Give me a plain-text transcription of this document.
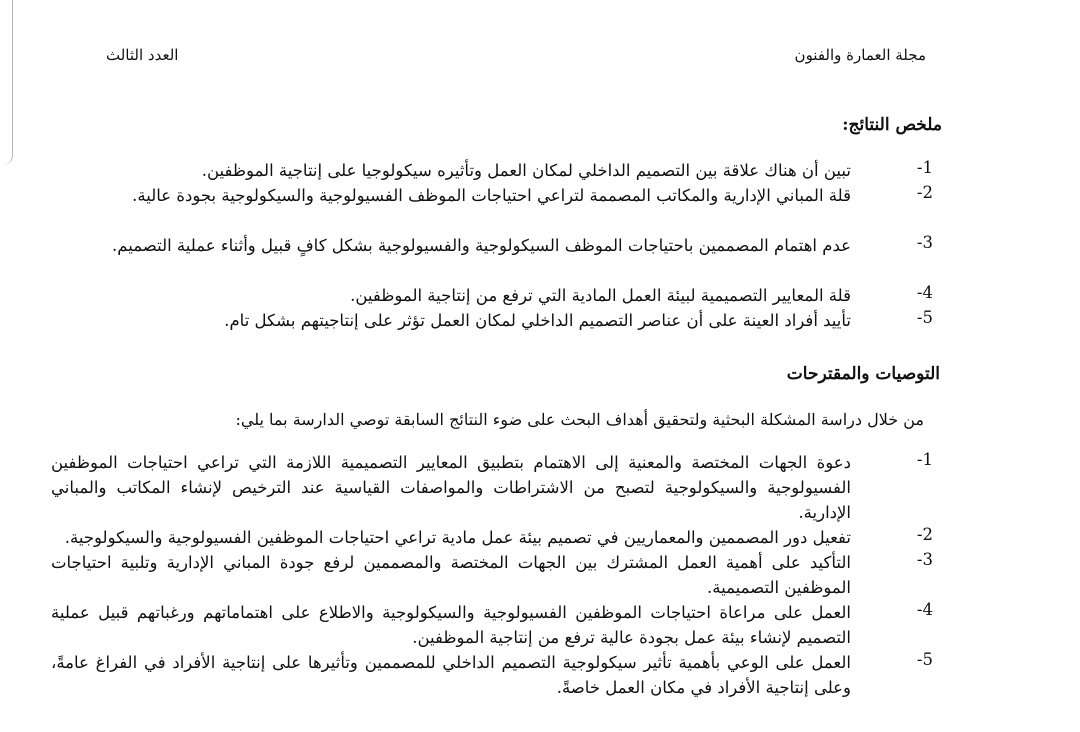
مجلة العمارة والفنون
العدد الثالث
ملخص النتائج:
1-
تبين أن هناك علاقة بين التصميم الداخلي لمكان العمل وتأثيره سيكولوجيا على إنتاجية الموظفين.
2-
قلة المباني الإدارية والمكاتب المصممة لتراعي احتياجات الموظف الفسيولوجية والسيكولوجية بجودة عالية.
3-
عدم اهتمام المصممين باحتياجات الموظف السيكولوجية والفسيولوجية بشكل كافٍ قبيل وأثناء عملية التصميم.
4-
قلة المعايير التصميمية لبيئة العمل المادية التي ترفع من إنتاجية الموظفين.
5-
تأييد أفراد العينة على أن عناصر التصميم الداخلي لمكان العمل تؤثر على إنتاجيتهم بشكل تام.
التوصيات والمقترحات
من خلال دراسة المشكلة البحثية ولتحقيق أهداف البحث على ضوء النتائج السابقة توصي الدارسة بما يلي:
1-
دعوة الجهات المختصة والمعنية إلى الاهتمام بتطبيق المعايير التصميمية اللازمة التي تراعي احتياجات الموظفين الفسيولوجية والسيكولوجية لتصبح من الاشتراطات والمواصفات القياسية عند الترخيص لإنشاء المكاتب والمباني الإدارية.
2-
تفعيل دور المصممين والمعماريين في تصميم بيئة عمل مادية تراعي احتياجات الموظفين الفسيولوجية والسيكولوجية.
3-
التأكيد على أهمية العمل المشترك بين الجهات المختصة والمصممين لرفع جودة المباني الإدارية وتلبية احتياجات الموظفين التصميمية.
4-
العمل على مراعاة احتياجات الموظفين الفسيولوجية والسيكولوجية والاطلاع على اهتماماتهم ورغباتهم قبيل عملية التصميم لإنشاء بيئة عمل بجودة عالية ترفع من إنتاجية الموظفين.
5-
العمل على الوعي بأهمية تأثير سيكولوجية التصميم الداخلي للمصممين وتأثيرها على إنتاجية الأفراد في الفراغ عامةً، وعلى إنتاجية الأفراد في مكان العمل خاصةً.
